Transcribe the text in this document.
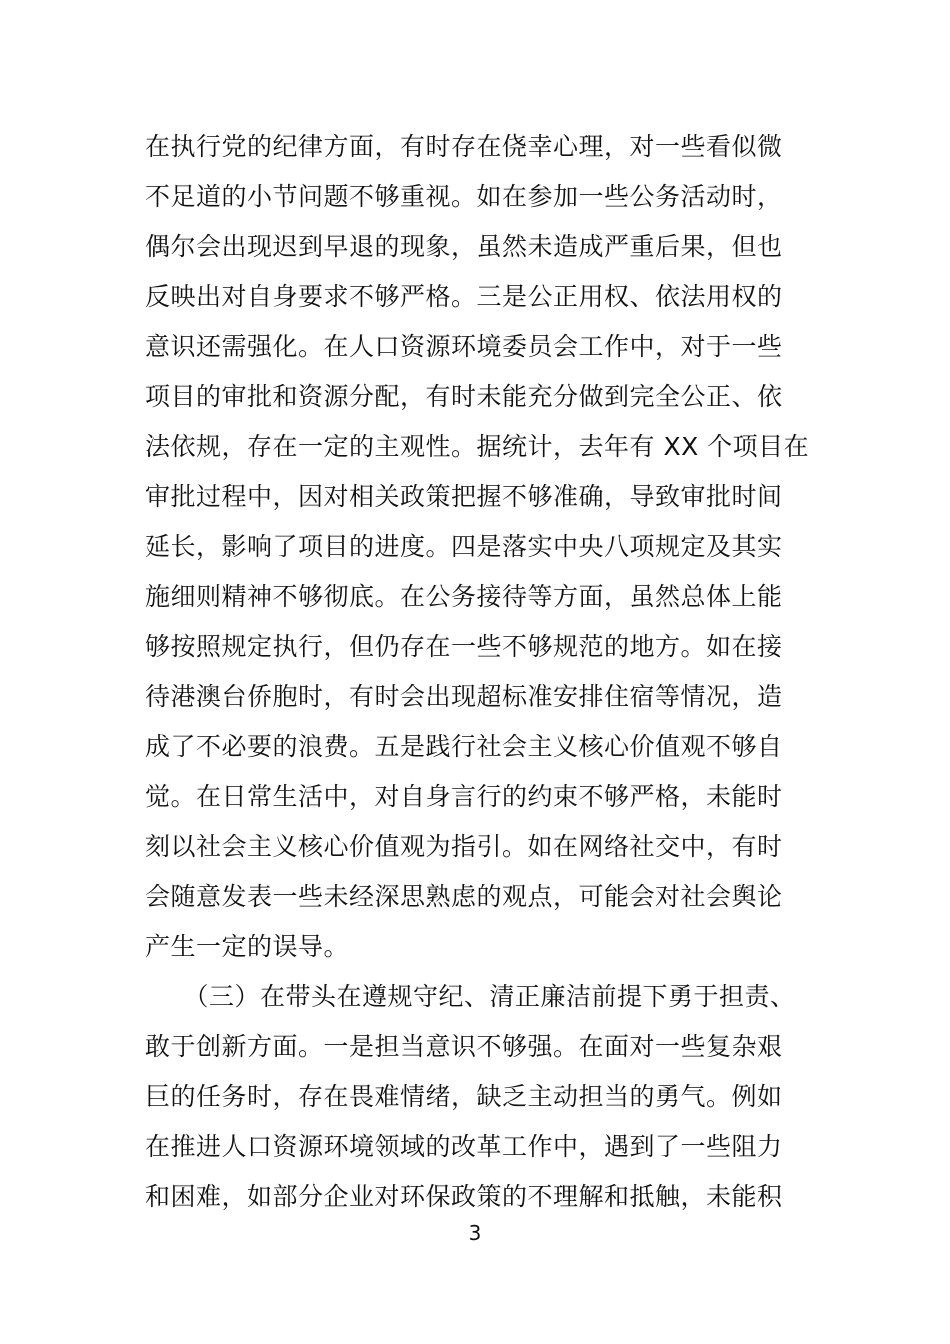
在执行党的纪律方面，有时存在侥幸心理，对一些看似微
不足道的小节问题不够重视。如在参加一些公务活动时，
偶尔会出现迟到早退的现象，虽然未造成严重后果，但也
反映出对自身要求不够严格。三是公正用权、依法用权的
意识还需强化。在人口资源环境委员会工作中，对于一些
项目的审批和资源分配，有时未能充分做到完全公正、依
法依规，存在一定的主观性。据统计，去年有 XX 个项目在
审批过程中，因对相关政策把握不够准确，导致审批时间
延长，影响了项目的进度。四是落实中央八项规定及其实
施细则精神不够彻底。在公务接待等方面，虽然总体上能
够按照规定执行，但仍存在一些不够规范的地方。如在接
待港澳台侨胞时，有时会出现超标准安排住宿等情况，造
成了不必要的浪费。五是践行社会主义核心价值观不够自
觉。在日常生活中，对自身言行的约束不够严格，未能时
刻以社会主义核心价值观为指引。如在网络社交中，有时
会随意发表一些未经深思熟虑的观点，可能会对社会舆论
产生一定的误导。
　　（三）在带头在遵规守纪、清正廉洁前提下勇于担责、
敢于创新方面。一是担当意识不够强。在面对一些复杂艰
巨的任务时，存在畏难情绪，缺乏主动担当的勇气。例如
在推进人口资源环境领域的改革工作中，遇到了一些阻力
和困难，如部分企业对环保政策的不理解和抵触，未能积
3
